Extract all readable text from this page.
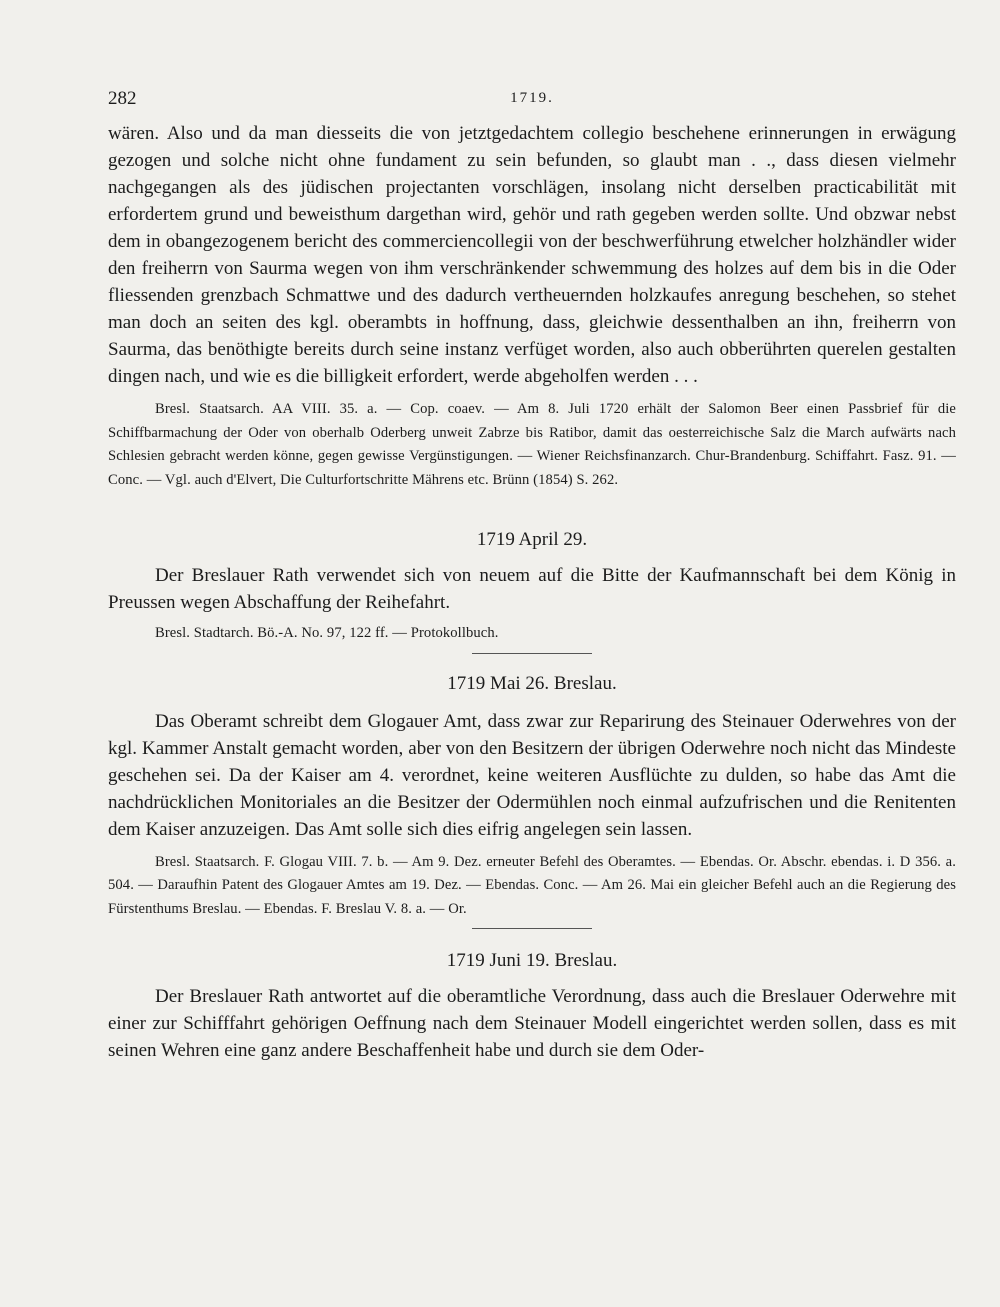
282	1719.

wären. Also und da man diesseits die von jetztgedachtem collegio beschehene erinnerungen in erwägung gezogen und solche nicht ohne fundament zu sein befunden, so glaubt man . ., dass diesen vielmehr nachgegangen als des jüdischen projectanten vorschlägen, insolang nicht derselben practicabilität mit erfordertem grund und beweisthum dargethan wird, gehör und rath gegeben werden sollte. Und obzwar nebst dem in obangezogenem bericht des commerciencollegii von der beschwerführung etwelcher holzhändler wider den freiherrn von Saurma wegen von ihm verschränkender schwemmung des holzes auf dem bis in die Oder fliessenden grenzbach Schmattwe und des dadurch vertheuernden holzkaufes anregung beschehen, so stehet man doch an seiten des kgl. oberambts in hoffnung, dass, gleichwie dessenthalben an ihn, freiherrn von Saurma, das benöthigte bereits durch seine instanz verfüget worden, also auch obberührten querelen gestalten dingen nach, und wie es die billigkeit erfordert, werde abgeholfen werden . . .

Bresl. Staatsarch. AA VIII. 35. a. — Cop. coaev. — Am 8. Juli 1720 erhält der Salomon Beer einen Passbrief für die Schiffbarmachung der Oder von oberhalb Oderberg unweit Zabrze bis Ratibor, damit das oesterreichische Salz die March aufwärts nach Schlesien gebracht werden könne, gegen gewisse Vergünstigungen. — Wiener Reichsfinanzarch. Chur-Brandenburg. Schiffahrt. Fasz. 91. — Conc. — Vgl. auch d'Elvert, Die Culturfortschritte Mährens etc. Brünn (1854) S. 262.

1719 April 29.

Der Breslauer Rath verwendet sich von neuem auf die Bitte der Kaufmannschaft bei dem König in Preussen wegen Abschaffung der Reihefahrt.

Bresl. Stadtarch. Bö.-A. No. 97, 122 ff. — Protokollbuch.

1719 Mai 26. Breslau.

Das Oberamt schreibt dem Glogauer Amt, dass zwar zur Reparirung des Steinauer Oderwehres von der kgl. Kammer Anstalt gemacht worden, aber von den Besitzern der übrigen Oderwehre noch nicht das Mindeste geschehen sei. Da der Kaiser am 4. verordnet, keine weiteren Ausflüchte zu dulden, so habe das Amt die nachdrücklichen Monitoriales an die Besitzer der Odermühlen noch einmal aufzufrischen und die Renitenten dem Kaiser anzuzeigen. Das Amt solle sich dies eifrig angelegen sein lassen.

Bresl. Staatsarch. F. Glogau VIII. 7. b. — Am 9. Dez. erneuter Befehl des Oberamtes. — Ebendas. Or. Abschr. ebendas. i. D 356. a. 504. — Daraufhin Patent des Glogauer Amtes am 19. Dez. — Ebendas. Conc. — Am 26. Mai ein gleicher Befehl auch an die Regierung des Fürstenthums Breslau. — Ebendas. F. Breslau V. 8. a. — Or.

1719 Juni 19. Breslau.

Der Breslauer Rath antwortet auf die oberamtliche Verordnung, dass auch die Breslauer Oderwehre mit einer zur Schifffahrt gehörigen Oeffnung nach dem Steinauer Modell eingerichtet werden sollen, dass es mit seinen Wehren eine ganz andere Beschaffenheit habe und durch sie dem Oder-
